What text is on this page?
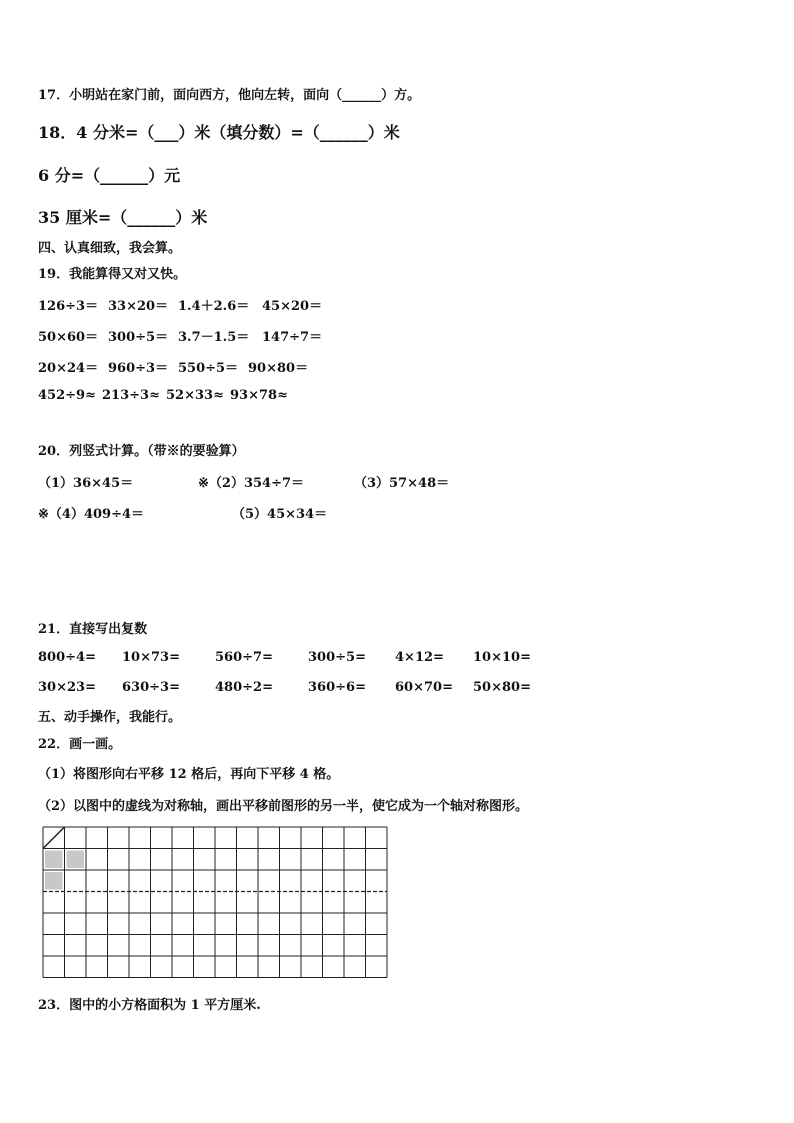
17．小明站在家门前，面向西方，他向左转，面向（______）方。
18．4 分米=（___）米（填分数）=（______）米
6 分=（______）元
35 厘米=（______）米
四、认真细致，我会算。
19．我能算得又对又快。
126÷3＝ 33×20＝ 1.4＋2.6＝ 45×20＝
50×60＝ 300÷5＝ 3.7－1.5＝ 147÷7＝
20×24＝ 960÷3＝ 550÷5＝ 90×80＝
452÷9≈ 213÷3≈ 52×33≈ 93×78≈
20．列竖式计算。（带※的要验算）
（1）36×45＝	※（2）354÷7＝	（3）57×48＝
※（4）409÷4＝	（5）45×34＝
21．直接写出复数
800÷4= 10×73=	560÷7=	300÷5= 4×12= 10×10=
30×23= 630÷3=	480÷2=	360÷6= 60×70= 50×80=
五、动手操作，我能行。
22．画一画。
（1）将图形向右平移 12 格后，再向下平移 4 格。
（2）以图中的虚线为对称轴，画出平移前图形的另一半，使它成为一个轴对称图形。
23．图中的小方格面积为 1 平方厘米.
